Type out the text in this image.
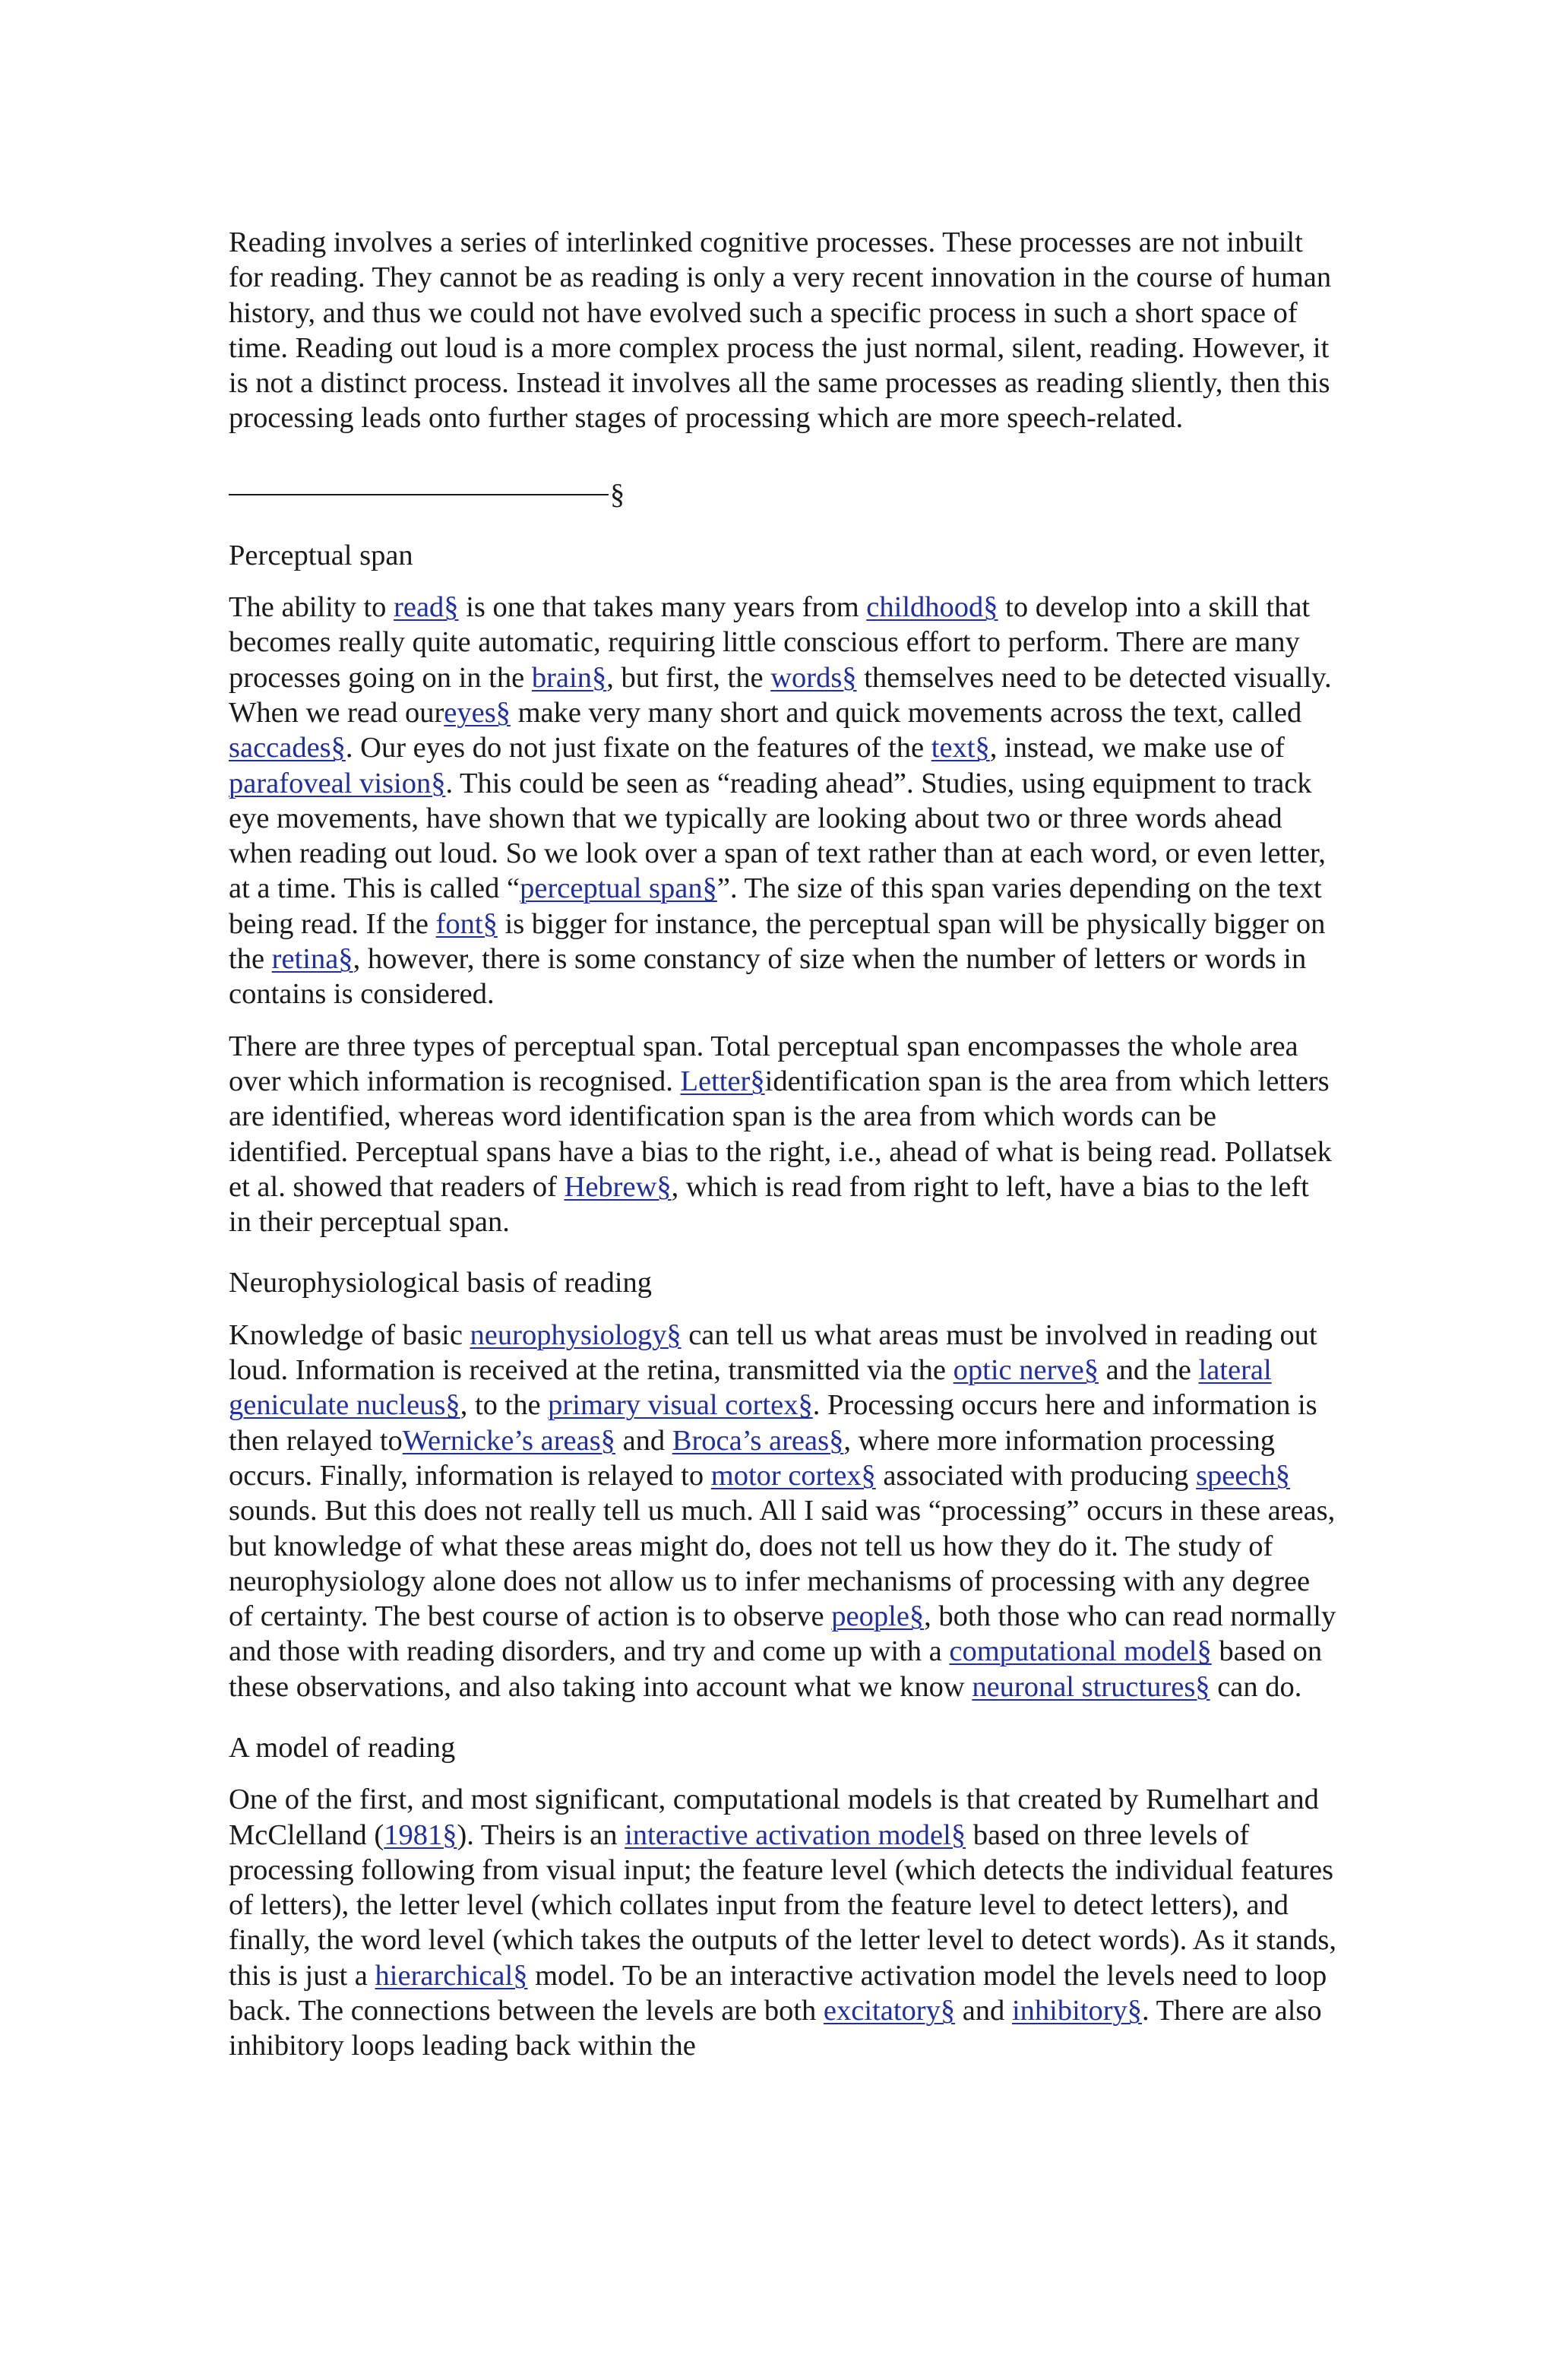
Reading involves a series of interlinked cognitive processes. These processes are not inbuilt for reading. They cannot be as reading is only a very recent innovation in the course of human history, and thus we could not have evolved such a specific process in such a short space of time. Reading out loud is a more complex process the just normal, silent, reading. However, it is not a distinct process. Instead it involves all the same processes as reading sliently, then this processing leads onto further stages of processing which are more speech-related.

§

Perceptual span

The ability to read§ is one that takes many years from childhood§ to develop into a skill that becomes really quite automatic, requiring little conscious effort to perform. There are many processes going on in the brain§, but first, the words§ themselves need to be detected visually. When we read oureyes§ make very many short and quick movements across the text, called saccades§. Our eyes do not just fixate on the features of the text§, instead, we make use of parafoveal vision§. This could be seen as “reading ahead”. Studies, using equipment to track eye movements, have shown that we typically are looking about two or three words ahead when reading out loud. So we look over a span of text rather than at each word, or even letter, at a time. This is called “perceptual span§”. The size of this span varies depending on the text being read. If the font§ is bigger for instance, the perceptual span will be physically bigger on the retina§, however, there is some constancy of size when the number of letters or words in contains is considered.

There are three types of perceptual span. Total perceptual span encompasses the whole area over which information is recognised. Letter§identification span is the area from which letters are identified, whereas word identification span is the area from which words can be identified. Perceptual spans have a bias to the right, i.e., ahead of what is being read. Pollatsek et al. showed that readers of Hebrew§, which is read from right to left, have a bias to the left in their perceptual span.

Neurophysiological basis of reading

Knowledge of basic neurophysiology§ can tell us what areas must be involved in reading out loud. Information is received at the retina, transmitted via the optic nerve§ and the lateral geniculate nucleus§, to the primary visual cortex§. Processing occurs here and information is then relayed toWernicke’s areas§ and Broca’s areas§, where more information processing occurs. Finally, information is relayed to motor cortex§ associated with producing speech§ sounds. But this does not really tell us much. All I said was “processing” occurs in these areas, but knowledge of what these areas might do, does not tell us how they do it. The study of neurophysiology alone does not allow us to infer mechanisms of processing with any degree of certainty. The best course of action is to observe people§, both those who can read normally and those with reading disorders, and try and come up with a computational model§ based on these observations, and also taking into account what we know neuronal structures§ can do.

A model of reading

One of the first, and most significant, computational models is that created by Rumelhart and McClelland (1981§). Theirs is an interactive activation model§ based on three levels of processing following from visual input; the feature level (which detects the individual features of letters), the letter level (which collates input from the feature level to detect letters), and finally, the word level (which takes the outputs of the letter level to detect words). As it stands, this is just a hierarchical§ model. To be an interactive activation model the levels need to loop back. The connections between the levels are both excitatory§ and inhibitory§. There are also inhibitory loops leading back within the
